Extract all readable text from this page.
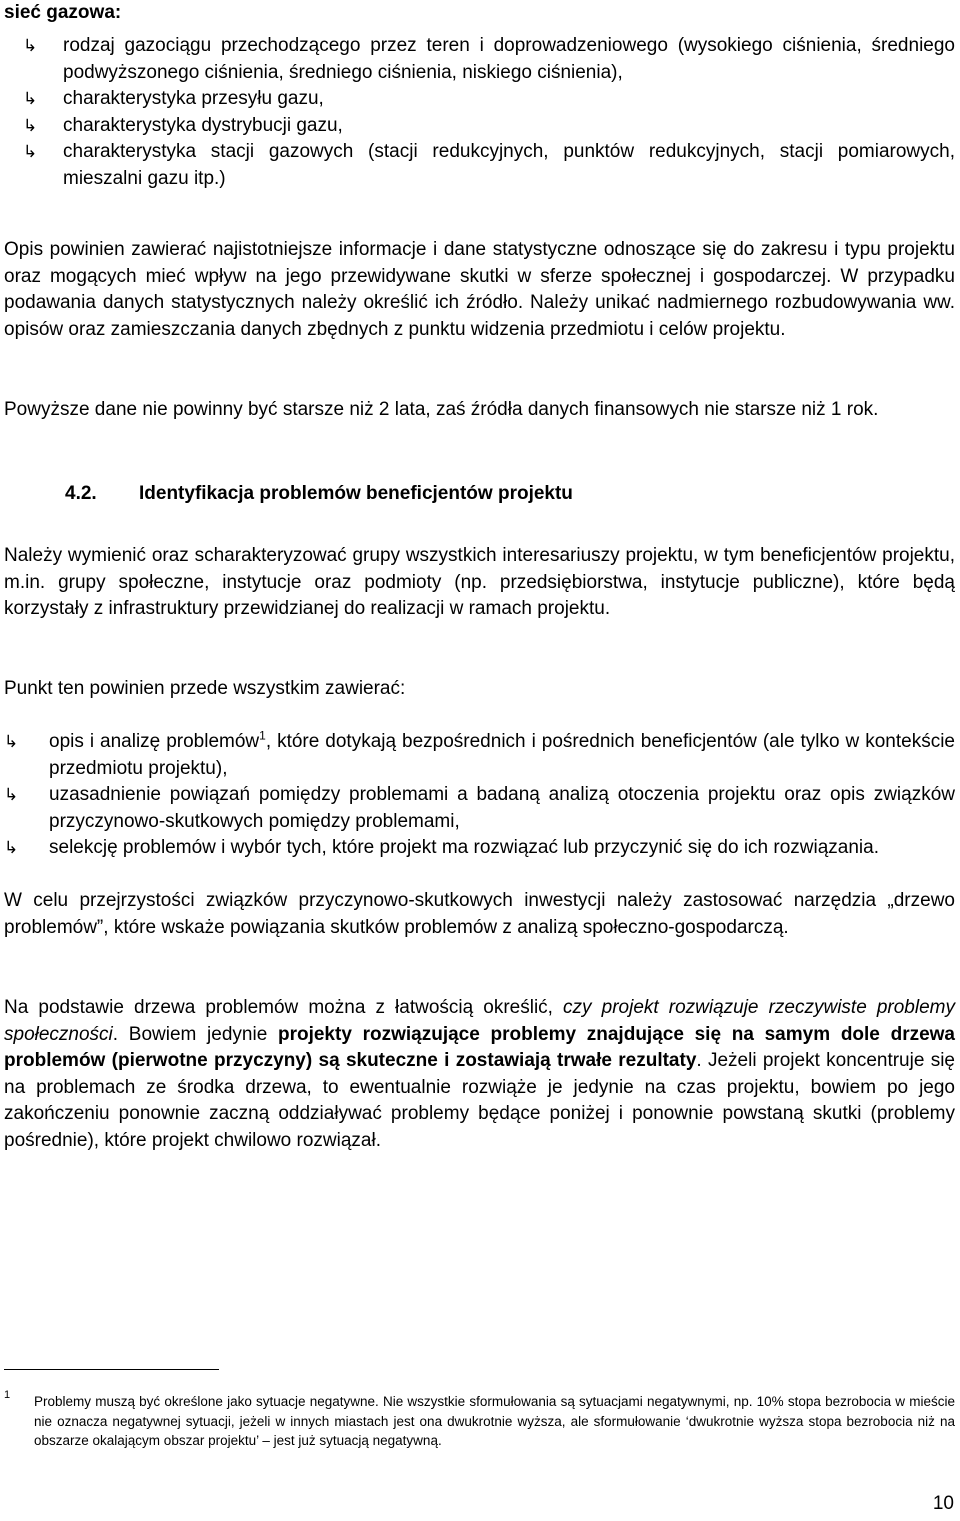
sieć gazowa:
↳ rodzaj gazociągu przechodzącego przez teren i doprowadzeniowego (wysokiego ciśnienia, średniego podwyższonego ciśnienia, średniego ciśnienia, niskiego ciśnienia),
↳ charakterystyka przesyłu gazu,
↳ charakterystyka dystrybucji gazu,
↳ charakterystyka stacji gazowych (stacji redukcyjnych, punktów redukcyjnych, stacji pomiarowych, mieszalni gazu itp.)
Opis powinien zawierać najistotniejsze informacje i dane statystyczne odnoszące się do zakresu i typu projektu oraz mogących mieć wpływ na jego przewidywane skutki w sferze społecznej i gospodarczej. W przypadku podawania danych statystycznych należy określić ich źródło. Należy unikać nadmiernego rozbudowywania ww. opisów oraz zamieszczania danych zbędnych z punktu widzenia przedmiotu i celów projektu.
Powyższe dane nie powinny być starsze niż 2 lata, zaś źródła danych finansowych nie starsze niż 1 rok.
4.2. Identyfikacja problemów beneficjentów projektu
Należy wymienić oraz scharakteryzować grupy wszystkich interesariuszy projektu, w tym beneficjentów projektu, m.in. grupy społeczne, instytucje oraz podmioty (np. przedsiębiorstwa, instytucje publiczne), które będą korzystały z infrastruktury przewidzianej do realizacji w ramach projektu.
Punkt ten powinien przede wszystkim zawierać:
↳ opis i analizę problemów$^1$, które dotykają bezpośrednich i pośrednich beneficjentów (ale tylko w kontekście przedmiotu projektu),
↳ uzasadnienie powiązań pomiędzy problemami a badaną analizą otoczenia projektu oraz opis związków przyczynowo-skutkowych pomiędzy problemami,
↳ selekcję problemów i wybór tych, które projekt ma rozwiązać lub przyczynić się do ich rozwiązania.
W celu przejrzystości związków przyczynowo-skutkowych inwestycji należy zastosować narzędzia „drzewo problemów”, które wskaże powiązania skutków problemów z analizą społeczno-gospodarczą.
Na podstawie drzewa problemów można z łatwością określić, czy projekt rozwiązuje rzeczywiste problemy społeczności. Bowiem jedynie projekty rozwiązujące problemy znajdujące się na samym dole drzewa problemów (pierwotne przyczyny) są skuteczne i zostawiają trwałe rezultaty. Jeżeli projekt koncentruje się na problemach ze środka drzewa, to ewentualnie rozwiąże je jedynie na czas projektu, bowiem po jego zakończeniu ponownie zaczną oddziaływać problemy będące poniżej i ponownie powstaną skutki (problemy pośrednie), które projekt chwilowo rozwiązał.
1 Problemy muszą być określone jako sytuacje negatywne. Nie wszystkie sformułowania są sytuacjami negatywnymi, np. 10% stopa bezrobocia w mieście nie oznacza negatywnej sytuacji, jeżeli w innych miastach jest ona dwukrotnie wyższa, ale sformułowanie ‘dwukrotnie wyższa stopa bezrobocia niż na obszarze okalającym obszar projektu’ – jest już sytuacją negatywną.
10
